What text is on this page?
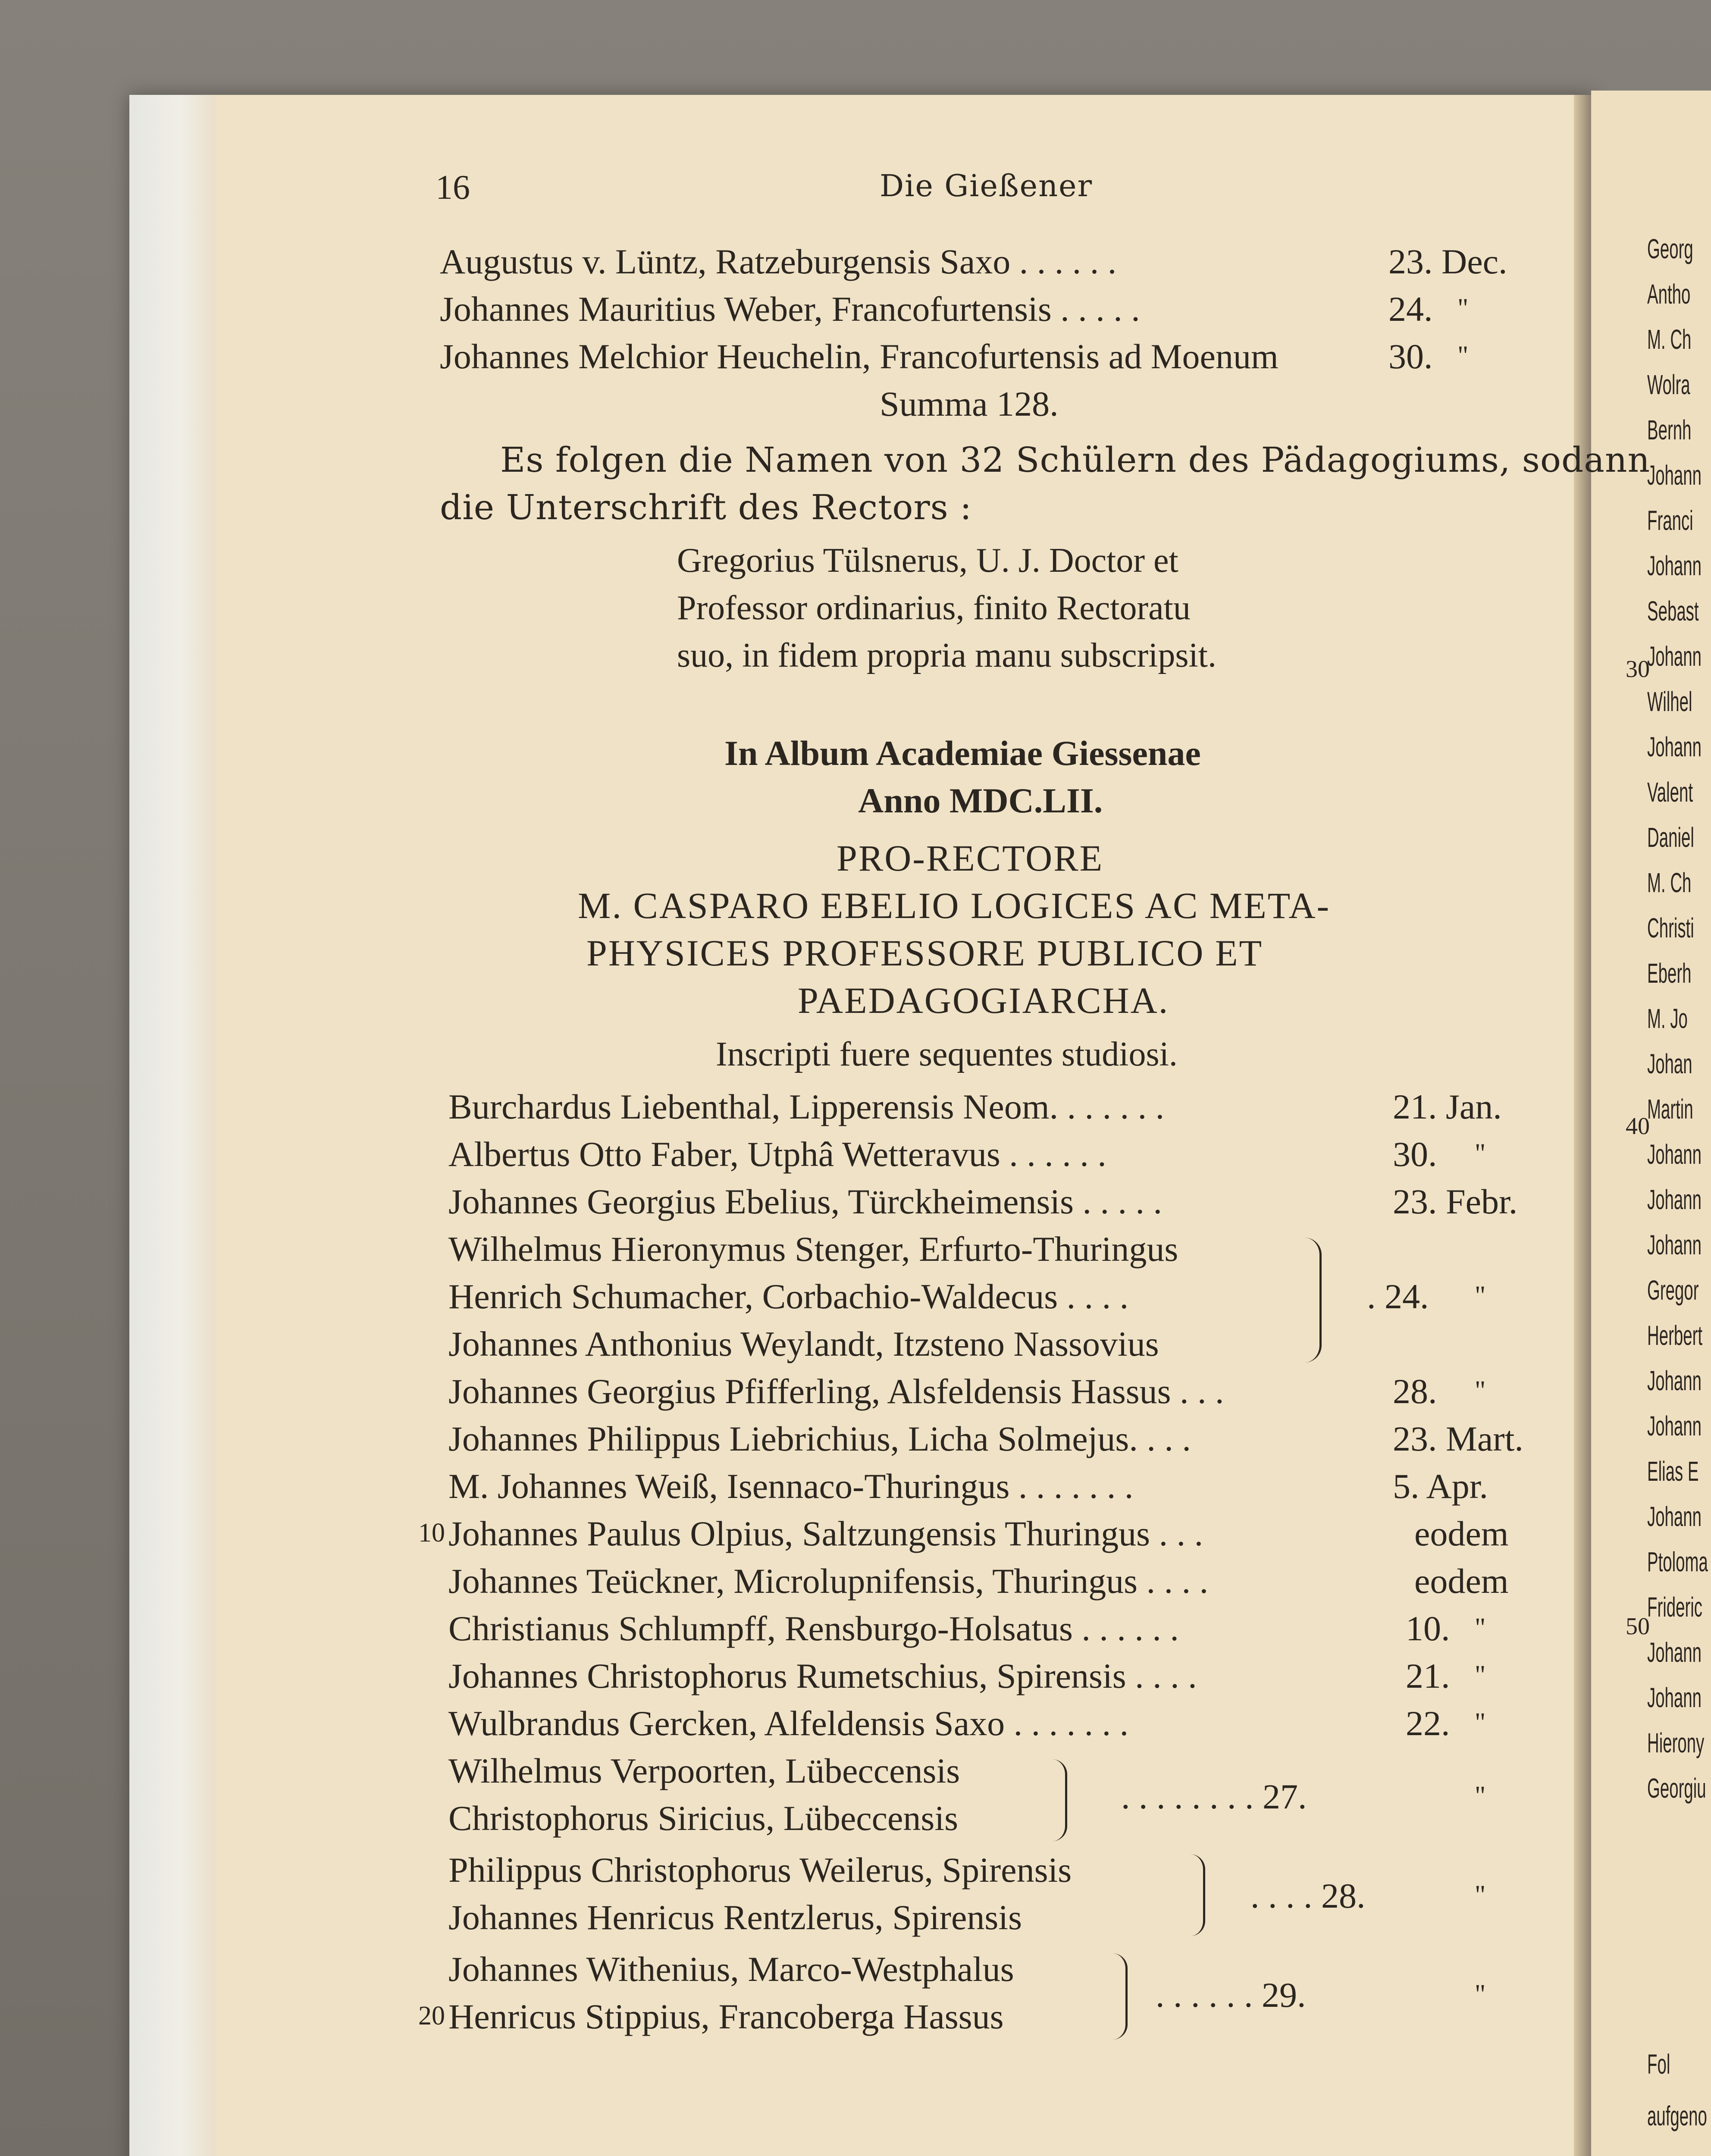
Georg
Antho
M. Ch
Wolra
Bernh
Johann
Franci
Johann
Sebast
Johann
Wilhel
Johann
Valent
Daniel
M. Ch
Christi
Eberh
M. Jo
Johan
Martin
Johann
Johann
Johann
Gregor
Herbert
Johann
Johann
Elias E
Johann
Ptoloma
Frideric
Johann
Johann
Hierony
Georgiu
Fol
aufgeno
30
40
50
16	Die Gießener
Augustus v. Lüntz, Ratzeburgensis Saxo . . . . . .	23. Dec.
Johannes Mauritius Weber, Francofurtensis . . . . .	24. "
Johannes Melchior Heuchelin, Francofurtensis ad Moenum	30. "
Summa 128.
Es folgen die Namen von 32 Schülern des Pädagogiums, sodann
die Unterschrift des Rectors :
Gregorius Tülsnerus, U. J. Doctor et
Professor ordinarius, finito Rectoratu
suo, in fidem propria manu subscripsit.
In Album Academiae Giessenae
Anno MDC.LII.
PRO-RECTORE
M. CASPARO EBELIO LOGICES AC META-
PHYSICES PROFESSORE PUBLICO ET
PAEDAGOGIARCHA.
Inscripti fuere sequentes studiosi.
Burchardus Liebenthal, Lipperensis Neom. . . . . . .	21. Jan.
Albertus Otto Faber, Utphâ Wetteravus . . . . . .	30. "
Johannes Georgius Ebelius, Türckheimensis . . . . .	23. Febr.
Wilhelmus Hieronymus Stenger, Erfurto-Thuringus
Henrich Schumacher, Corbachio-Waldecus . . . .	. 24. "
Johannes Anthonius Weylandt, Itzsteno Nassovius
Johannes Georgius Pfifferling, Alsfeldensis Hassus . . .	28. "
Johannes Philippus Liebrichius, Licha Solmejus. . . .	23. Mart.
M. Johannes Weiß, Isennaco-Thuringus . . . . . . .	5. Apr.
10 Johannes Paulus Olpius, Saltzungensis Thuringus . . .	eodem
Johannes Teückner, Microlupnifensis, Thuringus . . . .	eodem
Christianus Schlumpff, Rensburgo-Holsatus . . . . . .	10. "
Johannes Christophorus Rumetschius, Spirensis . . . .	21. "
Wulbrandus Gercken, Alfeldensis Saxo . . . . . . .	22. "
Wilhelmus Verpoorten, Lübeccensis
Christophorus Siricius, Lübeccensis
. . . . . . . . 27.	"
Philippus Christophorus Weilerus, Spirensis
Johannes Henricus Rentzlerus, Spirensis
. . . . 28.	"
Johannes Withenius, Marco-Westphalus
20 Henricus Stippius, Francoberga Hassus
. . . . . . 29.	"
